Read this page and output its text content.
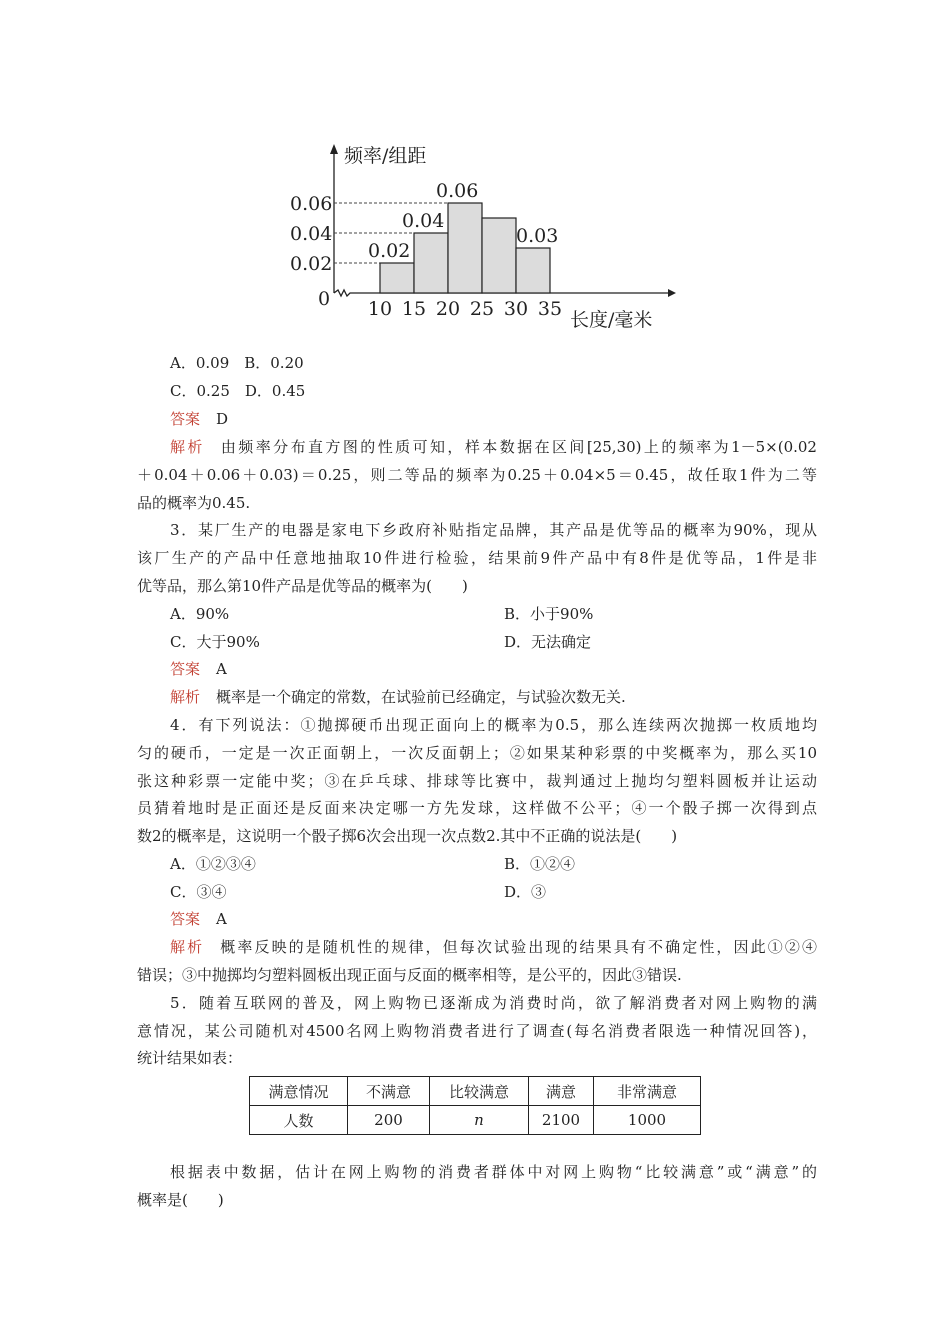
频率/组距
长度/毫米
0
0.02
0.04
0.06
0.02
0.04
0.06
0.03
10 15 20 25 30 35
A．0.09　B．0.20
C．0.25　D．0.45
答案 D
解析 由频率分布直方图的性质可知，样本数据在区间[25,30)上的频率为1－5×(0.02
＋0.04＋0.06＋0.03)＝0.25，则二等品的频率为0.25＋0.04×5＝0.45，故任取1件为二等
品的概率为0.45.
3．某厂生产的电器是家电下乡政府补贴指定品牌，其产品是优等品的概率为90%，现从
该厂生产的产品中任意地抽取10件进行检验，结果前9件产品中有8件是优等品，1件是非
优等品，那么第10件产品是优等品的概率为(　　)
A．90%	B．小于90%
C．大于90%	D．无法确定
答案 A
解析 概率是一个确定的常数，在试验前已经确定，与试验次数无关.
4．有下列说法：①抛掷硬币出现正面向上的概率为0.5，那么连续两次抛掷一枚质地均
匀的硬币，一定是一次正面朝上，一次反面朝上；②如果某种彩票的中奖概率为，那么买10
张这种彩票一定能中奖；③在乒乓球、排球等比赛中，裁判通过上抛均匀塑料圆板并让运动
员猜着地时是正面还是反面来决定哪一方先发球，这样做不公平；④一个骰子掷一次得到点
数2的概率是，这说明一个骰子掷6次会出现一次点数2.其中不正确的说法是(　　)
A．①②③④	B．①②④
C．③④	D．③
答案 A
解析 概率反映的是随机性的规律，但每次试验出现的结果具有不确定性，因此①②④
错误；③中抛掷均匀塑料圆板出现正面与反面的概率相等，是公平的，因此③错误.
5．随着互联网的普及，网上购物已逐渐成为消费时尚，欲了解消费者对网上购物的满
意情况，某公司随机对4500名网上购物消费者进行了调查(每名消费者限选一种情况回答)，
统计结果如表：
满意情况	不满意	比较满意	满意	非常满意
人数	200	n	2100	1000
根据表中数据，估计在网上购物的消费者群体中对网上购物“比较满意”或“满意”的
概率是(　　)
